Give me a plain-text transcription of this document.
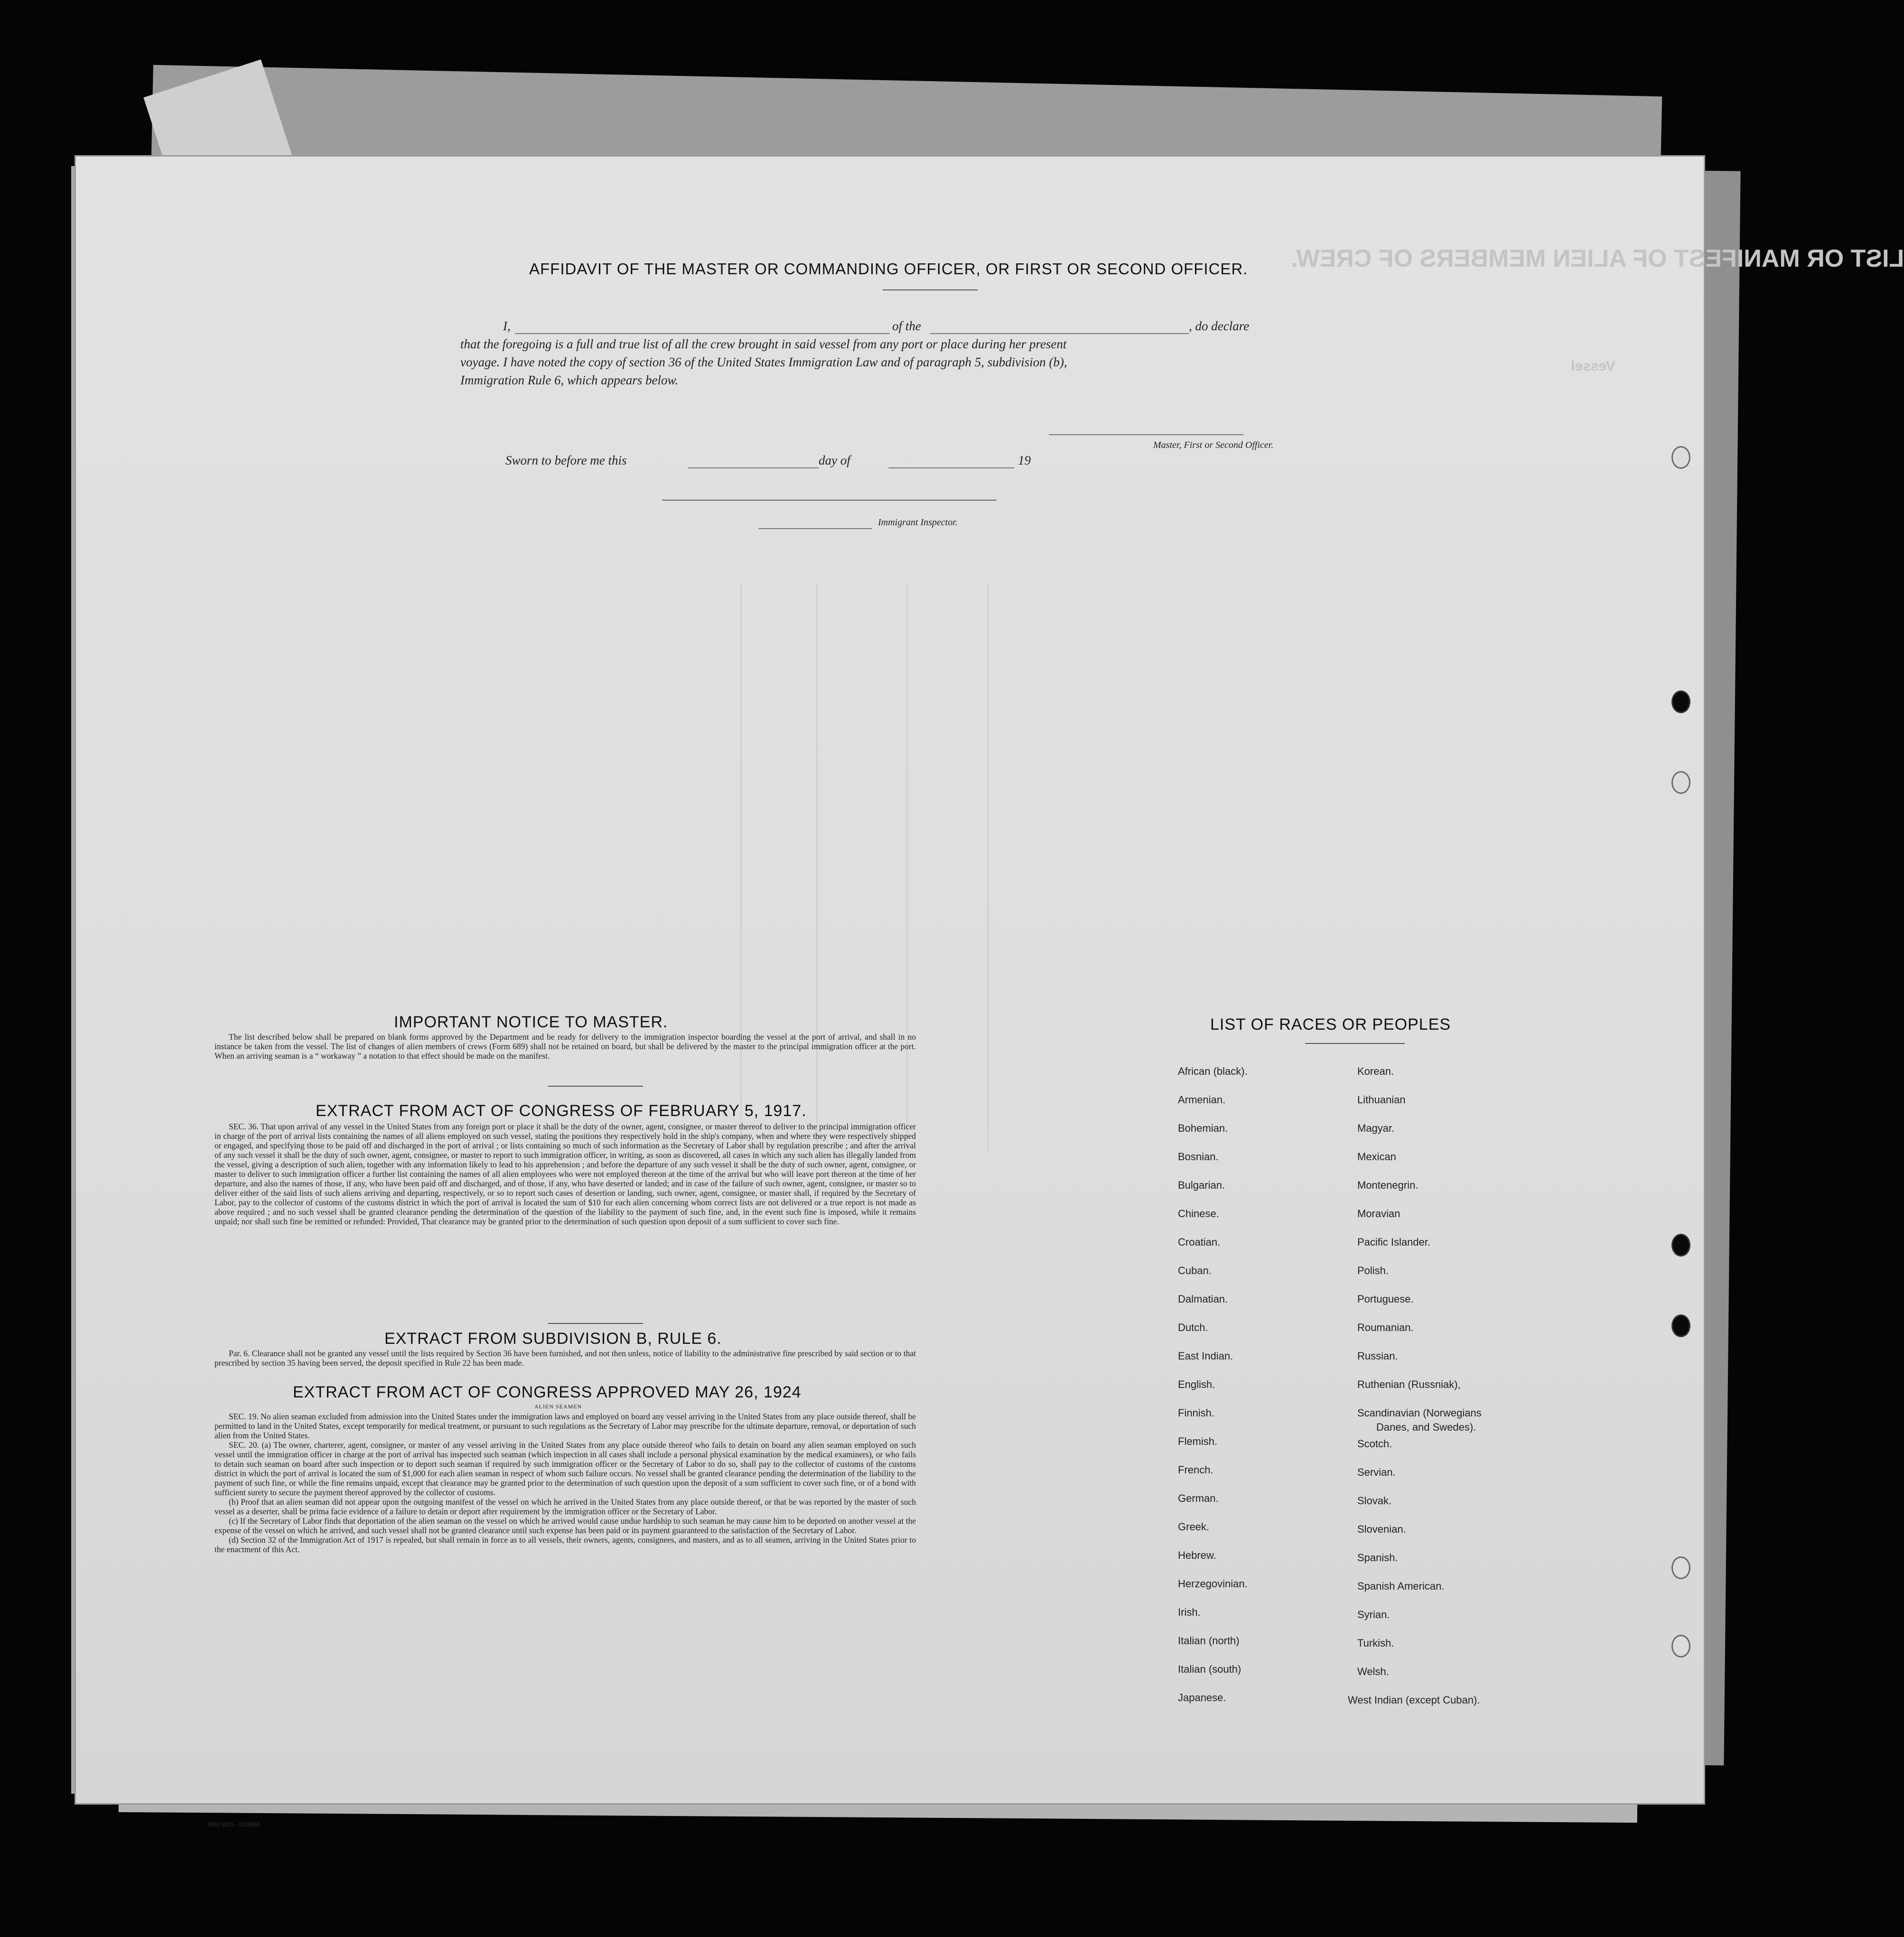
LIST OR MANIFEST OF ALIEN MEMBERS OF CREW.
Vessel
AFFIDAVIT OF THE MASTER OR COMMANDING OFFICER, OR FIRST OR SECOND OFFICER.
I,	of the	, do declare
that the foregoing is a full and true list of all the crew brought in said vessel from any port or place during her present
voyage. I have noted the copy of section 36 of the United States Immigration Law and of paragraph 5, subdivision (b),
Immigration Rule 6, which appears below.
Master, First or Second Officer.
Sworn to before me this	day of	19
Immigrant Inspector.
IMPORTANT NOTICE TO MASTER.

The list described below shall be prepared on blank forms approved by the Department and be ready for delivery to the immigration inspector boarding the vessel at the port of arrival, and shall in no instance be taken from the vessel. The list of changes of alien members of crews (Form 689) shall not be retained on board, but shall be delivered by the master to the principal immigration officer at the port. When an arriving seaman is a “ workaway ” a notation to that effect should be made on the manifest.

EXTRACT FROM ACT OF CONGRESS OF FEBRUARY 5, 1917.

SEC. 36. That upon arrival of any vessel in the United States from any foreign port or place it shall be the duty of the owner, agent, consignee, or master thereof to deliver to the principal immigration officer in charge of the port of arrival lists containing the names of all aliens employed on such vessel, stating the positions they respectively hold in the ship's company, when and where they were respectively shipped or engaged, and specifying those to be paid off and discharged in the port of arrival ; or lists containing so much of such information as the Secretary of Labor shall by regulation prescribe ; and after the arrival of any such vessel it shall be the duty of such owner, agent, consignee, or master to report to such immigration officer, in writing, as soon as discovered, all cases in which any such alien has illegally landed from the vessel, giving a description of such alien, together with any information likely to lead to his apprehension ; and before the departure of any such vessel it shall be the duty of such owner, agent, consignee, or master to deliver to such immigration officer a further list containing the names of all alien employees who were not employed thereon at the time of the arrival but who will leave port thereon at the time of her departure, and also the names of those, if any, who have been paid off and discharged, and of those, if any, who have deserted or landed; and in case of the failure of such owner, agent, consignee, or master so to deliver either of the said lists of such aliens arriving and departing, respectively, or so to report such cases of desertion or landing, such owner, agent, consignee, or master shall, if required by the Secretary of Labor, pay to the collector of customs of the customs district in which the port of arrival is located the sum of $10 for each alien concerning whom correct lists are not delivered or a true report is not made as above required ; and no such vessel shall be granted clearance pending the determination of the question of the liability to the payment of such fine, and, in the event such fine is imposed, while it remains unpaid; nor shall such fine be remitted or refunded: Provided, That clearance may be granted prior to the determination of such question upon deposit of a sum sufficient to cover such fine.

EXTRACT FROM SUBDIVISION B, RULE 6.

Par. 6. Clearance shall not be granted any vessel until the lists required by Section 36 have been furnished, and not then unless, notice of liability to the administrative fine prescribed by said section or to that prescribed by section 35 having been served, the deposit specified in Rule 22 has been made.

EXTRACT FROM ACT OF CONGRESS APPROVED MAY 26, 1924
ALIEN SEAMEN

SEC. 19. No alien seaman excluded from admission into the United States under the immigration laws and employed on board any vessel arriving in the United States from any place outside thereof, shall be permitted to land in the United States, except temporarily for medical treatment, or pursuant to such regulations as the Secretary of Labor may prescribe for the ultimate departure, removal, or deportation of such alien from the United States.

SEC. 20. (a) The owner, charterer, agent, consignee, or master of any vessel arriving in the United States from any place outside thereof who fails to detain on board any alien seaman employed on such vessel until the immigration officer in charge at the port of arrival has inspected such seaman (which inspection in all cases shall include a personal physical examination by the medical examiners), or who fails to detain such seaman on board after such inspection or to deport such seaman if required by such immigration officer or the Secretary of Labor to do so, shall pay to the collector of customs of the customs district in which the port of arrival is located the sum of $1,000 for each alien seaman in respect of whom such failure occurs. No vessel shall be granted clearance pending the determination of the liability to the payment of such fine, or while the fine remains unpaid, except that clearance may be granted prior to the determination of such question upon the deposit of a sum sufficient to cover such fine, or of a bond with sufficient surety to secure the payment thereof approved by the collector of customs.

(b) Proof that an alien seaman did not appear upon the outgoing manifest of the vessel on which he arrived in the United States from any place outside thereof, or that he was reported by the master of such vessel as a deserter, shall be prima facie evidence of a failure to detain or deport after requirement by the immigration officer or the Secretary of Labor.

(c) If the Secretary of Labor finds that deportation of the alien seaman on the vessel on which he arrived would cause undue hardship to such seaman he may cause him to be deported on another vessel at the expense of the vessel on which he arrived, and such vessel shall not be granted clearance until such expense has been paid or its payment guaranteed to the satisfaction of the Secretary of Labor.

(d) Section 32 of the Immigration Act of 1917 is repealed, but shall remain in force as to all vessels, their owners, agents, consignees, and masters, and as to all seamen, arriving in the United States prior to the enactment of this Act.

LIST OF RACES OR PEOPLES
African (black).
Armenian.
Bohemian.
Bosnian.
Bulgarian.
Chinese.
Croatian.
Cuban.
Dalmatian.
Dutch.
East Indian.
English.
Finnish.
Flemish.
French.
German.
Greek.
Hebrew.
Herzegovinian.
Irish.
Italian (north)
Italian (south)
Japanese.
Korean.
Lithuanian
Magyar.
Mexican
Montenegrin.
Moravian
Pacific Islander.
Polish.
Portuguese.
Roumanian.
Russian.
Ruthenian (Russniak),
Scandinavian (Norwegians
Danes, and Swedes).
Scotch.
Servian.
Slovak.
Slovenian.
Spanish.
Spanish American.
Syrian.
Turkish.
Welsh.
West Indian (except Cuban).
6000 8/23—25/3604
